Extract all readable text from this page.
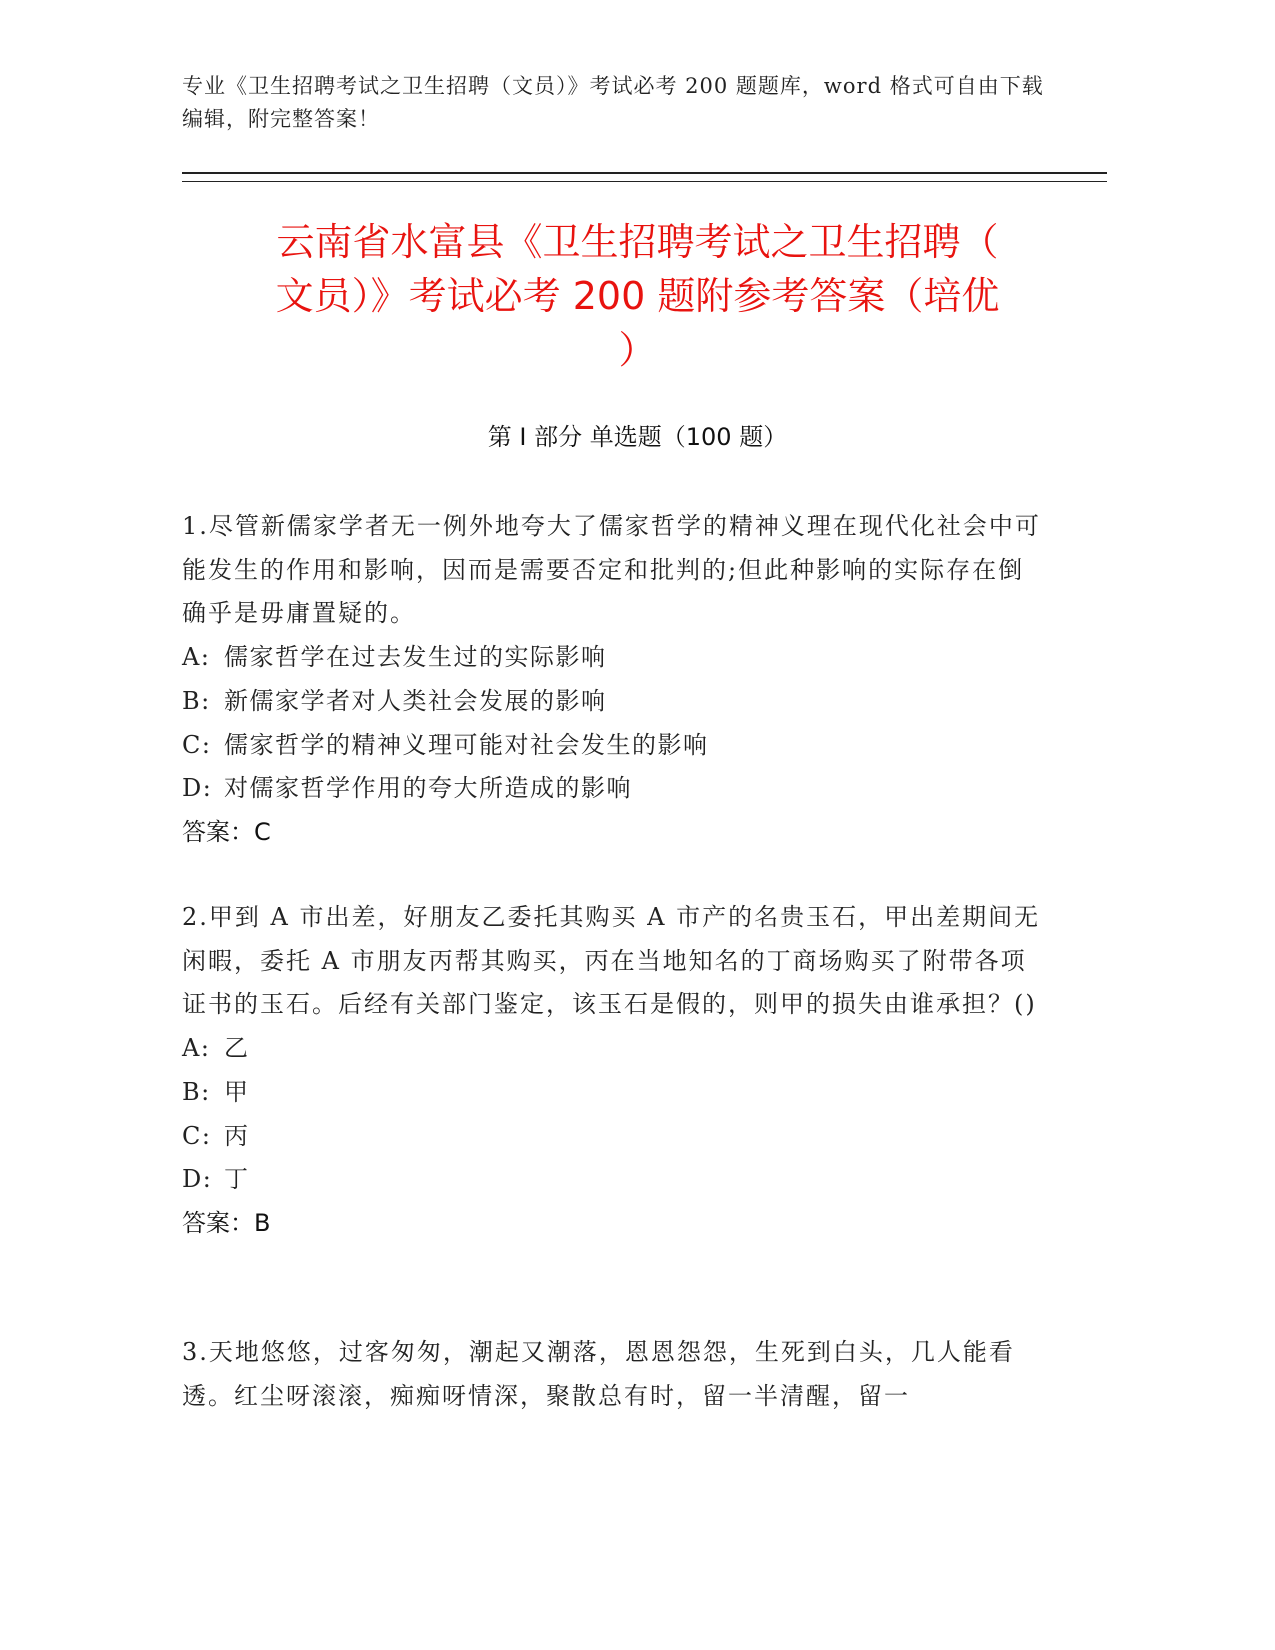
专业《卫生招聘考试之卫生招聘（文员）》考试必考 200 题题库，word 格式可自由下载编辑，附完整答案！
云南省水富县《卫生招聘考试之卫生招聘（
文员）》考试必考 200 题附参考答案（培优
）
第 I 部分 单选题（100 题）
1.尽管新儒家学者无一例外地夸大了儒家哲学的精神义理在现代化社会中可能发生的作用和影响，因而是需要否定和批判的;但此种影响的实际存在倒确乎是毋庸置疑的。
A: 儒家哲学在过去发生过的实际影响
B: 新儒家学者对人类社会发展的影响
C: 儒家哲学的精神义理可能对社会发生的影响
D: 对儒家哲学作用的夸大所造成的影响
答案：C
2.甲到 A 市出差，好朋友乙委托其购买 A 市产的名贵玉石，甲出差期间无闲暇，委托 A 市朋友丙帮其购买，丙在当地知名的丁商场购买了附带各项证书的玉石。后经有关部门鉴定，该玉石是假的，则甲的损失由谁承担？()
A: 乙
B: 甲
C: 丙
D: 丁
答案：B
3.天地悠悠，过客匆匆，潮起又潮落，恩恩怨怨，生死到白头，几人能看透。红尘呀滚滚，痴痴呀情深，聚散总有时，留一半清醒，留一
